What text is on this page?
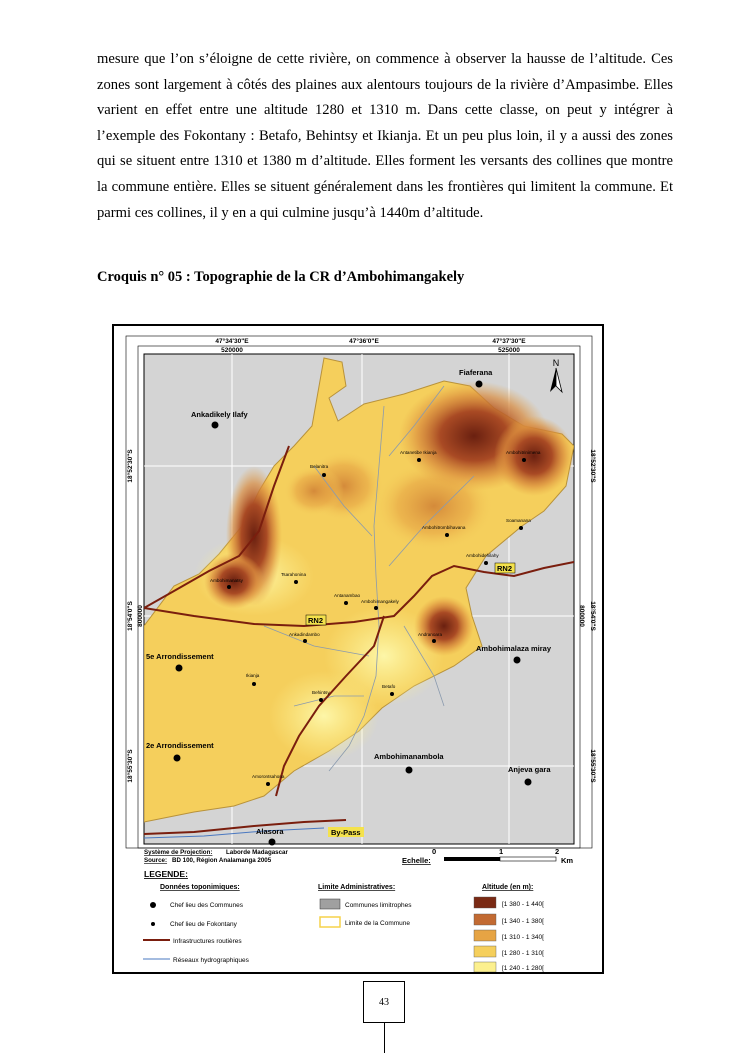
mesure que l’on s’éloigne de cette rivière, on commence à observer la hausse de l’altitude. Ces zones sont largement à côtés des plaines aux alentours toujours de la rivière d’Ampasimbe. Elles varient en effet entre une altitude 1280 et 1310 m. Dans cette classe, on peut y intégrer à l’exemple des Fokontany : Betafo, Behintsy et Ikianja. Et un peu plus loin, il y a aussi des zones qui se situent entre 1310 et 1380 m d’altitude. Elles forment les versants des collines que montre la commune entière. Elles se situent généralement dans les frontières qui limitent la commune. Et parmi ces collines, il y en a qui culmine jusqu’à 1440m d’altitude.

Croquis n° 05 : Topographie de la CR d’Ambohimangakely

47°34'30"E	47°36'0"E	47°37'30"E
520000	525000
18°52'30"S
18°54'0"S
18°55'30"S
800000
18°52'30"S
18°54'0"S
18°55'30"S
800000
N
Fiaferana
Ankadikely Ilafy
5e Arrondissement
2e Arrondissement
Ambohimalaza miray
Ambohimanambola
Anjeva gara
Alasora
Antanetibe Ikianja	Ambohitrinimena
Belanitra
Ambohitrombihavana
Soamanana
Ambohidehilahy
Ambohimanatsy
Tsarahonina
Antanambao
Ambohimangakely
Ankadindambo	Andranoara
Ikianja
Behintsy
Betafo
Amorontsahona
RN2
RN2
By-Pass
Système de Projection: Laborde Madagascar
Source: BD 100, Région Analamanga 2005
0	1	2
Echelle:	Km
LEGENDE:
Données toponimiques:
Chef lieu des Communes
Chef lieu de Fokontany
Infrastructures routières
Réseaux hydrographiques
Limite Administratives:
Communes limitrophes
Limite de la Commune
Altitude (en m):
[1 380 - 1 440[
[1 340 - 1 380[
[1 310 - 1 340[
[1 280 - 1 310[
[1 240 - 1 280[
43
